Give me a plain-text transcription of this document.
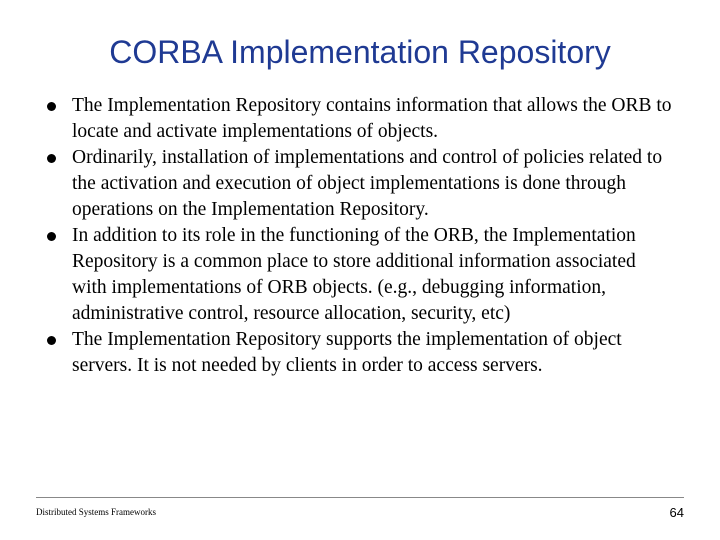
CORBA Implementation Repository
The Implementation Repository contains information that allows the ORB to locate and activate implementations of objects.
Ordinarily, installation of implementations and control of policies related to the activation and execution of object implementations is done through operations on the Implementation Repository.
In addition to its role in the functioning of the ORB, the Implementation Repository is a common place to store additional information associated with implementations of ORB objects. (e.g., debugging information, administrative control, resource allocation, security, etc)
The Implementation Repository supports the implementation of object servers. It is not needed by clients in order to access servers.
Distributed Systems Frameworks	64
